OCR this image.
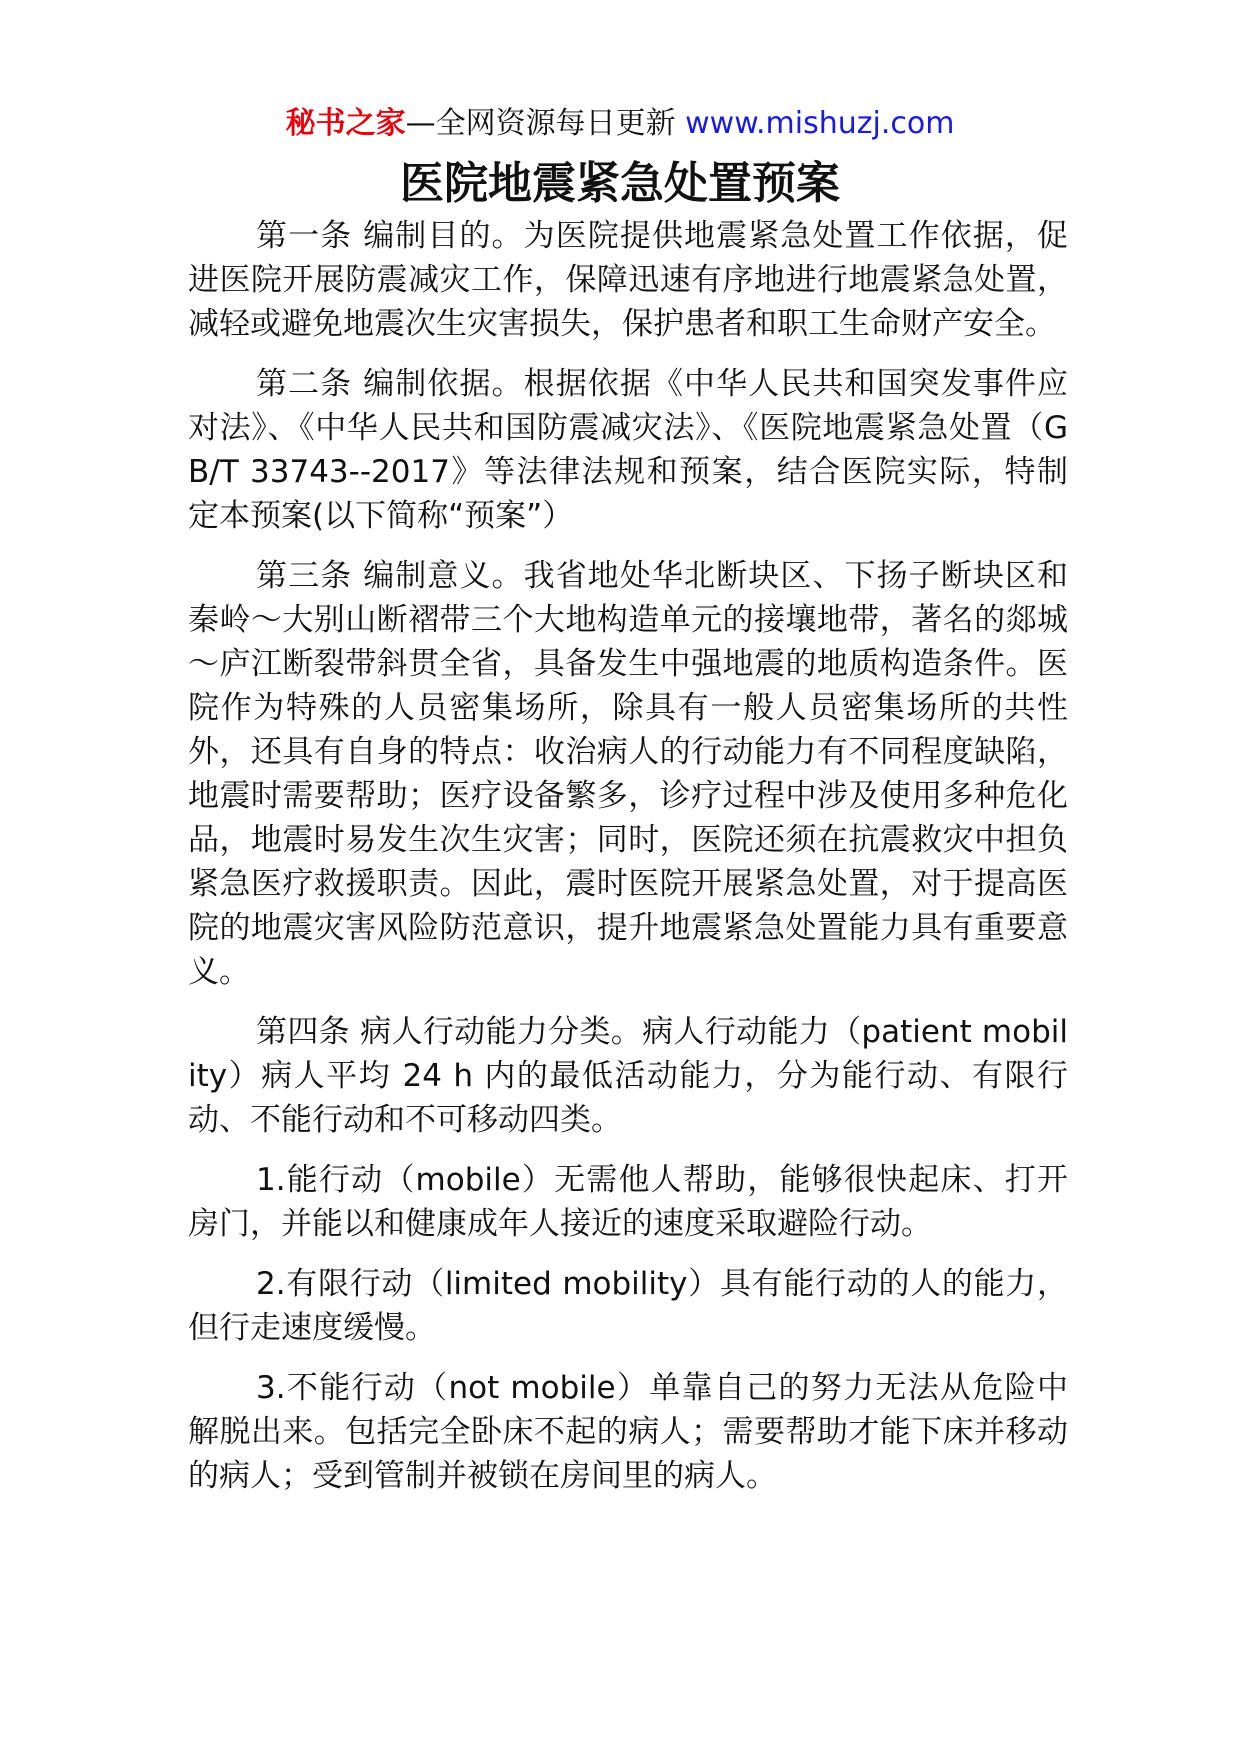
秘书之家—全网资源每日更新 www.mishuzj.com
医院地震紧急处置预案

第一条 编制目的。为医院提供地震紧急处置工作依据，促进医院开展防震减灾工作，保障迅速有序地进行地震紧急处置，减轻或避免地震次生灾害损失，保护患者和职工生命财产安全。

第二条 编制依据。根据依据《中华人民共和国突发事件应对法》、《中华人民共和国防震减灾法》、《医院地震紧急处置（GB/T 33743--2017》等法律法规和预案，结合医院实际，特制定本预案(以下简称“预案”）

第三条 编制意义。我省地处华北断块区、下扬子断块区和秦岭～大别山断褶带三个大地构造单元的接壤地带，著名的郯城～庐江断裂带斜贯全省，具备发生中强地震的地质构造条件。医院作为特殊的人员密集场所，除具有一般人员密集场所的共性外，还具有自身的特点：收治病人的行动能力有不同程度缺陷，地震时需要帮助；医疗设备繁多，诊疗过程中涉及使用多种危化品，地震时易发生次生灾害；同时，医院还须在抗震救灾中担负紧急医疗救援职责。因此，震时医院开展紧急处置，对于提高医院的地震灾害风险防范意识，提升地震紧急处置能力具有重要意义。

第四条 病人行动能力分类。病人行动能力（patient mobility）病人平均 24 h 内的最低活动能力，分为能行动、有限行动、不能行动和不可移动四类。

1.能行动（mobile）无需他人帮助，能够很快起床、打开房门，并能以和健康成年人接近的速度采取避险行动。

2.有限行动（limited mobility）具有能行动的人的能力，但行走速度缓慢。

3.不能行动（not mobile）单靠自己的努力无法从危险中解脱出来。包括完全卧床不起的病人；需要帮助才能下床并移动的病人；受到管制并被锁在房间里的病人。
